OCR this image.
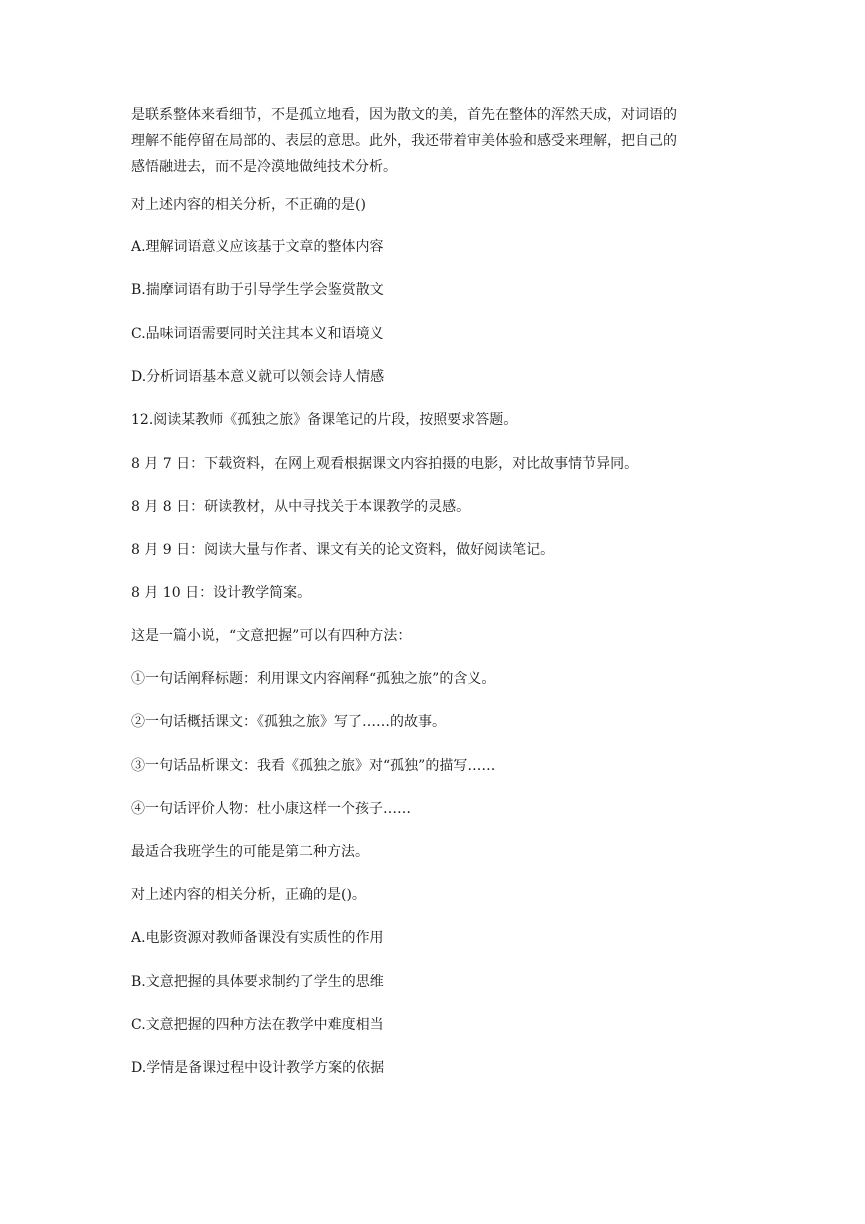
是联系整体来看细节，不是孤立地看，因为散文的美，首先在整体的浑然天成，对词语的
理解不能停留在局部的、表层的意思。此外，我还带着审美体验和感受来理解，把自己的
感悟融进去，而不是冷漠地做纯技术分析。

对上述内容的相关分析，不正确的是()

A.理解词语意义应该基于文章的整体内容

B.揣摩词语有助于引导学生学会鉴赏散文

C.品味词语需要同时关注其本义和语境义

D.分析词语基本意义就可以领会诗人情感

12.阅读某教师《孤独之旅》备课笔记的片段，按照要求答题。

8 月 7 日：下载资料，在网上观看根据课文内容拍摄的电影，对比故事情节异同。

8 月 8 日：研读教材，从中寻找关于本课教学的灵感。

8 月 9 日：阅读大量与作者、课文有关的论文资料，做好阅读笔记。

8 月 10 日：设计教学简案。

这是一篇小说，“文意把握”可以有四种方法：

①一句话阐释标题：利用课文内容阐释“孤独之旅”的含义。

②一句话概括课文：《孤独之旅》写了……的故事。

③一句话品析课文：我看《孤独之旅》对“孤独”的描写……

④一句话评价人物：杜小康这样一个孩子……

最适合我班学生的可能是第二种方法。

对上述内容的相关分析，正确的是()。

A.电影资源对教师备课没有实质性的作用

B.文意把握的具体要求制约了学生的思维

C.文意把握的四种方法在教学中难度相当

D.学情是备课过程中设计教学方案的依据
